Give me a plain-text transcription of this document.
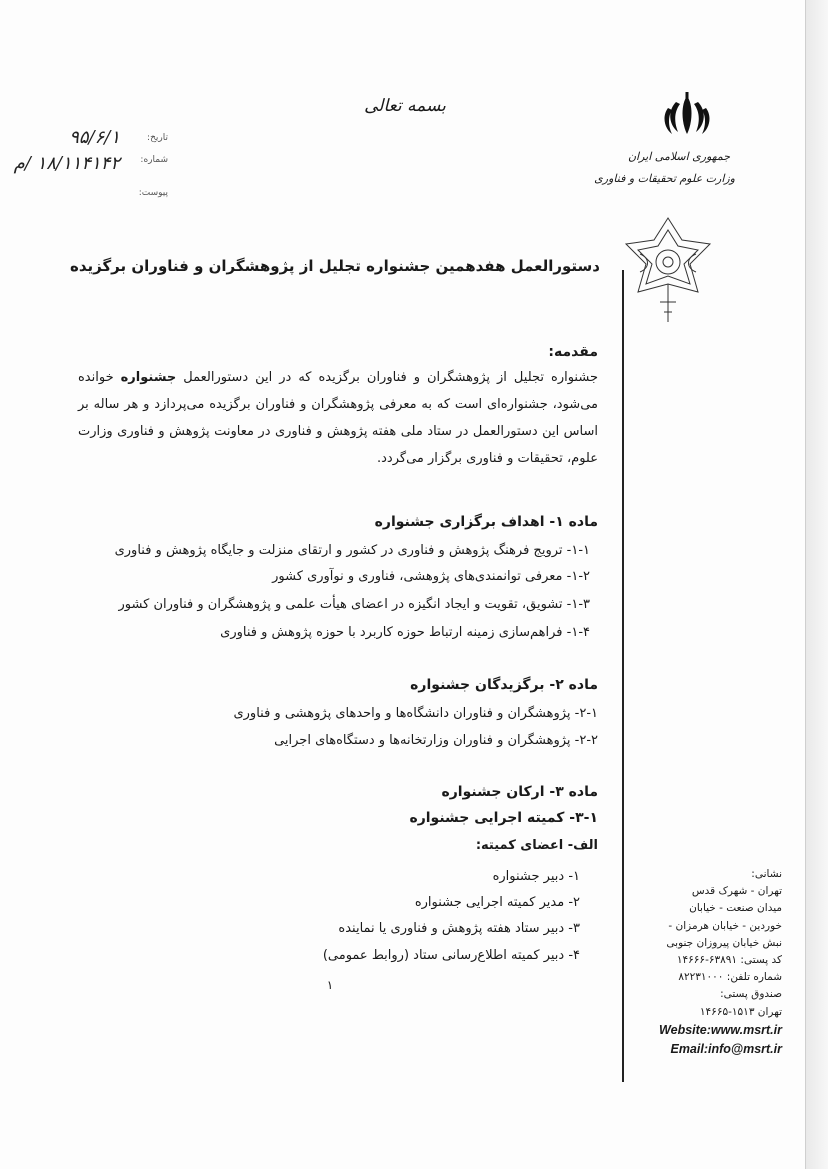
بسمه تعالی
جمهوری اسلامی ایران
وزارت علوم تحقیقات و فناوری
تاریخ:
۹۵/۶/۱
شماره:
۱۸/۱۱۴۱۴۲ /م
پیوست:
دستورالعمل هفدهمین جشنواره تجلیل از پژوهشگران و فناوران برگزیده
مقدمه:
جشنواره تجلیل از پژوهشگران و فناوران برگزیده که در این دستورالعمل جشنواره خوانده می‌شود، جشنواره‌ای است که به معرفی پژوهشگران و فناوران برگزیده می‌پردازد و هر ساله بر اساس این دستورالعمل در ستاد ملی هفته پژوهش و فناوری در معاونت پژوهش و فناوری وزارت علوم، تحقیقات و فناوری برگزار می‌گردد.
ماده ۱- اهداف برگزاری جشنواره
۱-۱- ترویج فرهنگ پژوهش و فناوری در کشور و ارتقای منزلت و جایگاه پژوهش و فناوری
۱-۲- معرفی توانمندی‌های پژوهشی، فناوری و نوآوری کشور
۱-۳- تشویق، تقویت و ایجاد انگیزه در اعضای هیأت علمی و پژوهشگران و فناوران کشور
۱-۴- فراهم‌سازی زمینه ارتباط حوزه کاربرد با حوزه پژوهش و فناوری
ماده ۲- برگزیدگان جشنواره
۲-۱- پژوهشگران و فناوران دانشگاه‌ها و واحدهای پژوهشی و فناوری
۲-۲- پژوهشگران و فناوران وزارتخانه‌ها و دستگاه‌های اجرایی
ماده ۳- ارکان جشنواره
۳-۱- کمیته اجرایی جشنواره
الف- اعضای کمیته:
۱- دبیر جشنواره
۲- مدیر کمیته اجرایی جشنواره
۳- دبیر ستاد هفته پژوهش و فناوری یا نماینده
۴- دبیر کمیته اطلاع‌رسانی ستاد (روابط عمومی)
۱
نشانی:
تهران - شهرک قدس
میدان صنعت - خیابان
خوردین - خیابان هرمزان -
نبش خیابان پیروزان جنوبی
کد پستی: ۶۳۸۹۱-۱۴۶۶۶
شماره تلفن: ۸۲۲۳۱۰۰۰
صندوق پستی:
تهران ۱۵۱۳-۱۴۶۶۵
Website:www.msrt.ir
Email:info@msrt.ir
